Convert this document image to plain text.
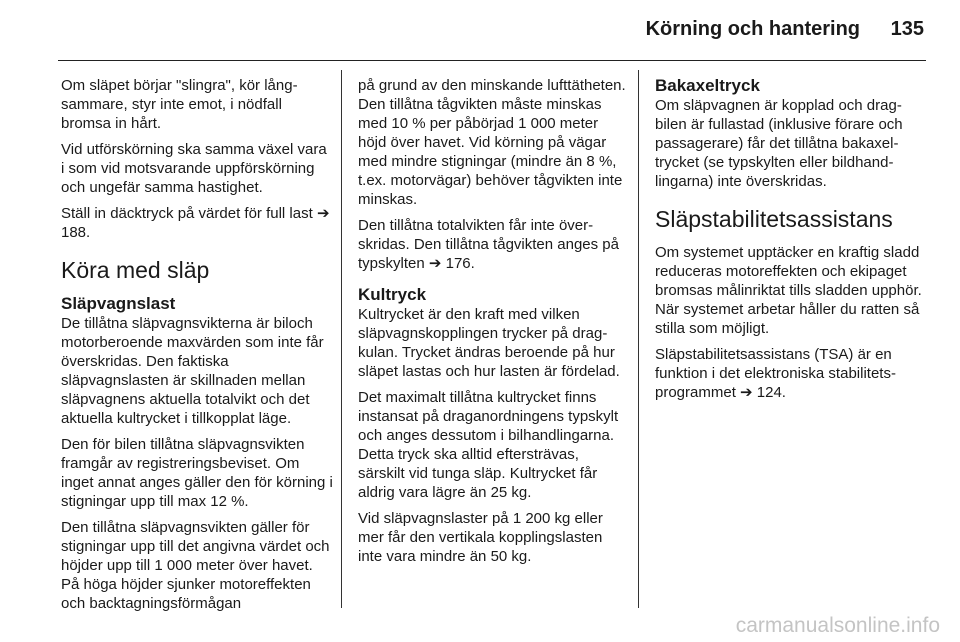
Körning och hantering	135

Om släpet börjar "slingra", kör långsammare, styr inte emot, i nödfall bromsa in hårt.

Vid utförskörning ska samma växel vara i som vid motsvarande uppförskörning och ungefär samma hastighet.

Ställ in däcktryck på värdet för full last ➔ 188.

Köra med släp
Släpvagnslast

De tillåtna släpvagnsvikterna är biloch motorberoende maxvärden som inte får överskridas. Den faktiska släpvagnslasten är skillnaden mellan släpvagnens aktuella totalvikt och det aktuella kultrycket i tillkopplat läge.

Den för bilen tillåtna släpvagnsvikten framgår av registreringsbeviset. Om inget annat anges gäller den för körning i stigningar upp till max 12 %.

Den tillåtna släpvagnsvikten gäller för stigningar upp till det angivna värdet och höjder upp till 1 000 meter över havet. På höga höjder sjunker motoreffekten och backtagningsförmågan

på grund av den minskande lufttätheten. Den tillåtna tågvikten måste minskas med 10 % per påbörjad 1 000 meter höjd över havet. Vid körning på vägar med mindre stigningar (mindre än 8 %, t.ex. motorvägar) behöver tågvikten inte minskas.

Den tillåtna totalvikten får inte överskridas. Den tillåtna tågvikten anges på typskylten ➔ 176.

Kultryck

Kultrycket är den kraft med vilken släpvagnskopplingen trycker på dragkulan. Trycket ändras beroende på hur släpet lastas och hur lasten är fördelad.

Det maximalt tillåtna kultrycket finns instansat på draganordningens typskylt och anges dessutom i bilhandlingarna. Detta tryck ska alltid eftersträvas, särskilt vid tunga släp. Kultrycket får aldrig vara lägre än 25 kg.

Vid släpvagnslaster på 1 200 kg eller mer får den vertikala kopplingslasten inte vara mindre än 50 kg.

Bakaxeltryck

Om släpvagnen är kopplad och dragbilen är fullastad (inklusive förare och passagerare) får det tillåtna bakaxeltrycket (se typskylten eller bildhandlingarna) inte överskridas.

Släpstabilitetsassistans

Om systemet upptäcker en kraftig sladd reduceras motoreffekten och ekipaget bromsas målinriktat tills sladden upphör. När systemet arbetar håller du ratten så stilla som möjligt.

Släpstabilitetsassistans (TSA) är en funktion i det elektroniska stabilitetsprogrammet ➔ 124.

carmanualsonline.info
